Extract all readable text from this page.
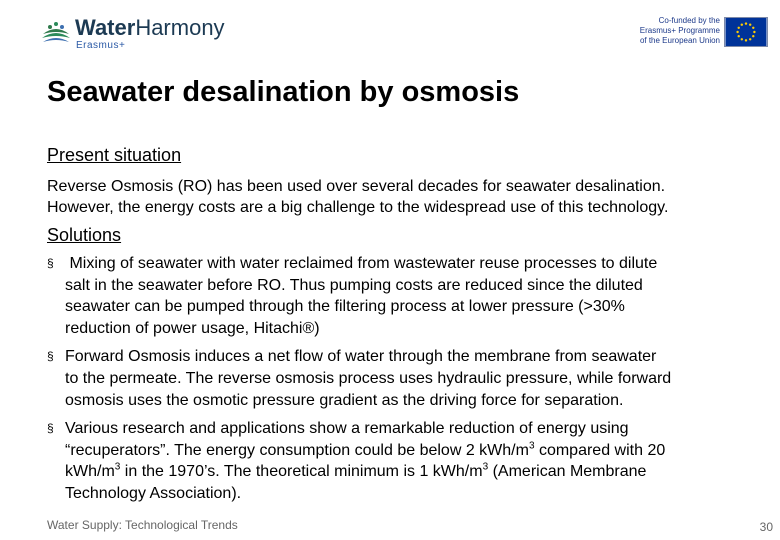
WaterHarmony
Erasmus+
Co-funded by the
Erasmus+ Programme
of the European Union
Seawater desalination by osmosis
Present situation
Reverse Osmosis (RO) has been used over several decades for seawater desalination.
However, the energy costs are a big challenge to the widespread use of this technology.
Solutions
§ Mixing of seawater with water reclaimed from wastewater reuse processes to dilute
salt in the seawater before RO. Thus pumping costs are reduced since the diluted
seawater can be pumped through the filtering process at lower pressure (>30%
reduction of power usage, Hitachi®)
§ Forward Osmosis induces a net flow of water through the membrane from seawater
to the permeate. The reverse osmosis process uses hydraulic pressure, while forward
osmosis uses the osmotic pressure gradient as the driving force for separation.
§ Various research and applications show a remarkable reduction of energy using
“recuperators”. The energy consumption could be below 2 kWh/$m^3$ compared with 20
kWh/$m^3$ in the 1970’s. The theoretical minimum is 1 kWh/$m^3$ (American Membrane
Technology Association).
Water Supply: Technological Trends	30
